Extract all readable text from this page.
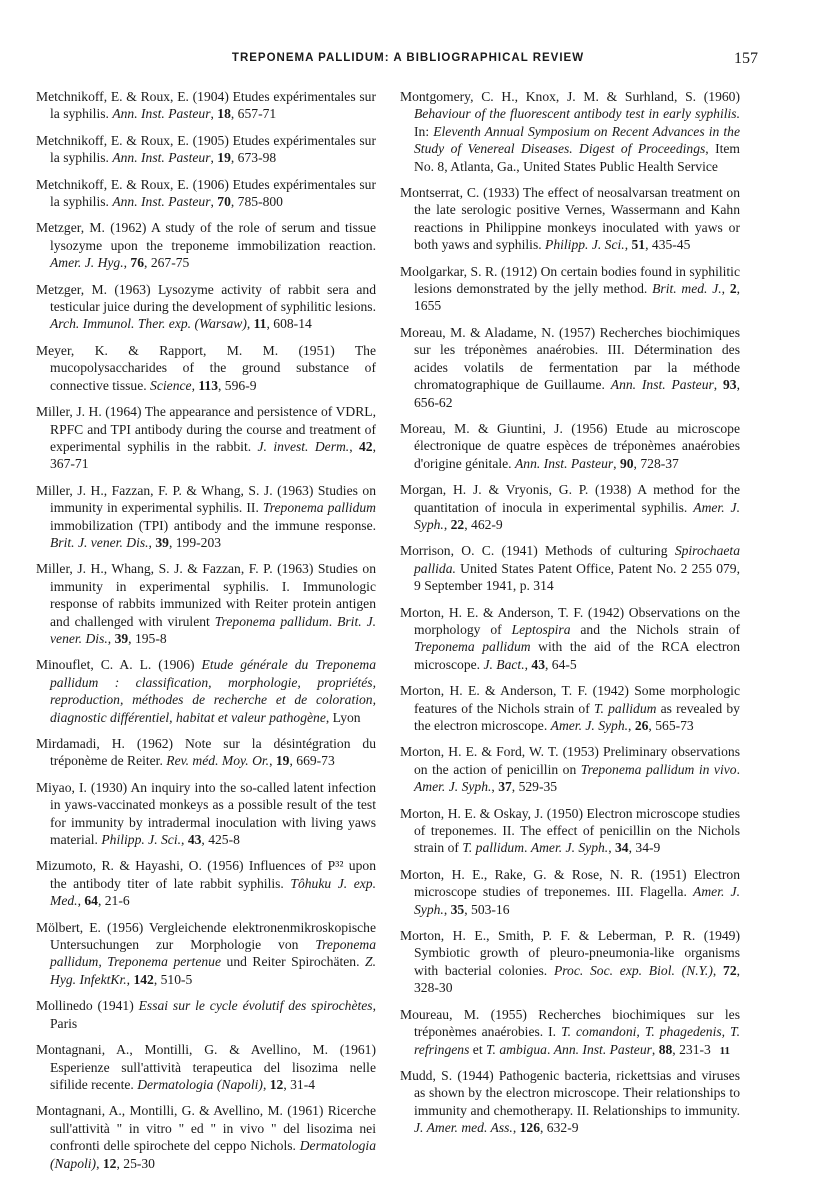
TREPONEMA PALLIDUM: A BIBLIOGRAPHICAL REVIEW	157

Metchnikoff, E. & Roux, E. (1904) Etudes expérimentales sur la syphilis. Ann. Inst. Pasteur, 18, 657-71

Metchnikoff, E. & Roux, E. (1905) Etudes expérimentales sur la syphilis. Ann. Inst. Pasteur, 19, 673-98

Metchnikoff, E. & Roux, E. (1906) Etudes expérimentales sur la syphilis. Ann. Inst. Pasteur, 70, 785-800

Metzger, M. (1962) A study of the role of serum and tissue lysozyme upon the treponeme immobilization reaction. Amer. J. Hyg., 76, 267-75

Metzger, M. (1963) Lysozyme activity of rabbit sera and testicular juice during the development of syphilitic lesions. Arch. Immunol. Ther. exp. (Warsaw), 11, 608-14

Meyer, K. & Rapport, M. M. (1951) The mucopolysaccharides of the ground substance of connective tissue. Science, 113, 596-9

Miller, J. H. (1964) The appearance and persistence of VDRL, RPFC and TPI antibody during the course and treatment of experimental syphilis in the rabbit. J. invest. Derm., 42, 367-71

Miller, J. H., Fazzan, F. P. & Whang, S. J. (1963) Studies on immunity in experimental syphilis. II. Treponema pallidum immobilization (TPI) antibody and the immune response. Brit. J. vener. Dis., 39, 199-203

Miller, J. H., Whang, S. J. & Fazzan, F. P. (1963) Studies on immunity in experimental syphilis. I. Immunologic response of rabbits immunized with Reiter protein antigen and challenged with virulent Treponema pallidum. Brit. J. vener. Dis., 39, 195-8

Minouflet, C. A. L. (1906) Etude générale du Treponema pallidum : classification, morphologie, propriétés, reproduction, méthodes de recherche et de coloration, diagnostic différentiel, habitat et valeur pathogène, Lyon

Mirdamadi, H. (1962) Note sur la désintégration du tréponème de Reiter. Rev. méd. Moy. Or., 19, 669-73

Miyao, I. (1930) An inquiry into the so-called latent infection in yaws-vaccinated monkeys as a possible result of the test for immunity by intradermal inoculation with living yaws material. Philipp. J. Sci., 43, 425-8

Mizumoto, R. & Hayashi, O. (1956) Influences of P³² upon the antibody titer of late rabbit syphilis. Tôhuku J. exp. Med., 64, 21-6

Mölbert, E. (1956) Vergleichende elektronenmikroskopische Untersuchungen zur Morphologie von Treponema pallidum, Treponema pertenue und Reiter Spirochäten. Z. Hyg. InfektKr., 142, 510-5

Mollinedo (1941) Essai sur le cycle évolutif des spirochètes, Paris

Montagnani, A., Montilli, G. & Avellino, M. (1961) Esperienze sull'attività terapeutica del lisozima nelle sifilide recente. Dermatologia (Napoli), 12, 31-4

Montagnani, A., Montilli, G. & Avellino, M. (1961) Ricerche sull'attività " in vitro " ed " in vivo " del lisozima nei confronti delle spirochete del ceppo Nichols. Dermatologia (Napoli), 12, 25-30

Montgomery, C. H., Knox, J. M. & Surhland, S. (1960) Behaviour of the fluorescent antibody test in early syphilis. In: Eleventh Annual Symposium on Recent Advances in the Study of Venereal Diseases. Digest of Proceedings, Item No. 8, Atlanta, Ga., United States Public Health Service

Montserrat, C. (1933) The effect of neosalvarsan treatment on the late serologic positive Vernes, Wassermann and Kahn reactions in Philippine monkeys inoculated with yaws or both yaws and syphilis. Philipp. J. Sci., 51, 435-45

Moolgarkar, S. R. (1912) On certain bodies found in syphilitic lesions demonstrated by the jelly method. Brit. med. J., 2, 1655

Moreau, M. & Aladame, N. (1957) Recherches biochimiques sur les tréponèmes anaérobies. III. Détermination des acides volatils de fermentation par la méthode chromatographique de Guillaume. Ann. Inst. Pasteur, 93, 656-62

Moreau, M. & Giuntini, J. (1956) Etude au microscope électronique de quatre espèces de tréponèmes anaérobies d'origine génitale. Ann. Inst. Pasteur, 90, 728-37

Morgan, H. J. & Vryonis, G. P. (1938) A method for the quantitation of inocula in experimental syphilis. Amer. J. Syph., 22, 462-9

Morrison, O. C. (1941) Methods of culturing Spirochaeta pallida. United States Patent Office, Patent No. 2 255 079, 9 September 1941, p. 314

Morton, H. E. & Anderson, T. F. (1942) Observations on the morphology of Leptospira and the Nichols strain of Treponema pallidum with the aid of the RCA electron microscope. J. Bact., 43, 64-5

Morton, H. E. & Anderson, T. F. (1942) Some morphologic features of the Nichols strain of T. pallidum as revealed by the electron microscope. Amer. J. Syph., 26, 565-73

Morton, H. E. & Ford, W. T. (1953) Preliminary observations on the action of penicillin on Treponema pallidum in vivo. Amer. J. Syph., 37, 529-35

Morton, H. E. & Oskay, J. (1950) Electron microscope studies of treponemes. II. The effect of penicillin on the Nichols strain of T. pallidum. Amer. J. Syph., 34, 34-9

Morton, H. E., Rake, G. & Rose, N. R. (1951) Electron microscope studies of treponemes. III. Flagella. Amer. J. Syph., 35, 503-16

Morton, H. E., Smith, P. F. & Leberman, P. R. (1949) Symbiotic growth of pleuro-pneumonia-like organisms with bacterial colonies. Proc. Soc. exp. Biol. (N.Y.), 72, 328-30

Moureau, M. (1955) Recherches biochimiques sur les tréponèmes anaérobies. I. T. comandoni, T. phagedenis, T. refringens et T. ambigua. Ann. Inst. Pasteur, 88, 231-3

Mudd, S. (1944) Pathogenic bacteria, rickettsias and viruses as shown by the electron microscope. Their relationships to immunity and chemotherapy. II. Relationships to immunity. J. Amer. med. Ass., 126, 632-9

11
